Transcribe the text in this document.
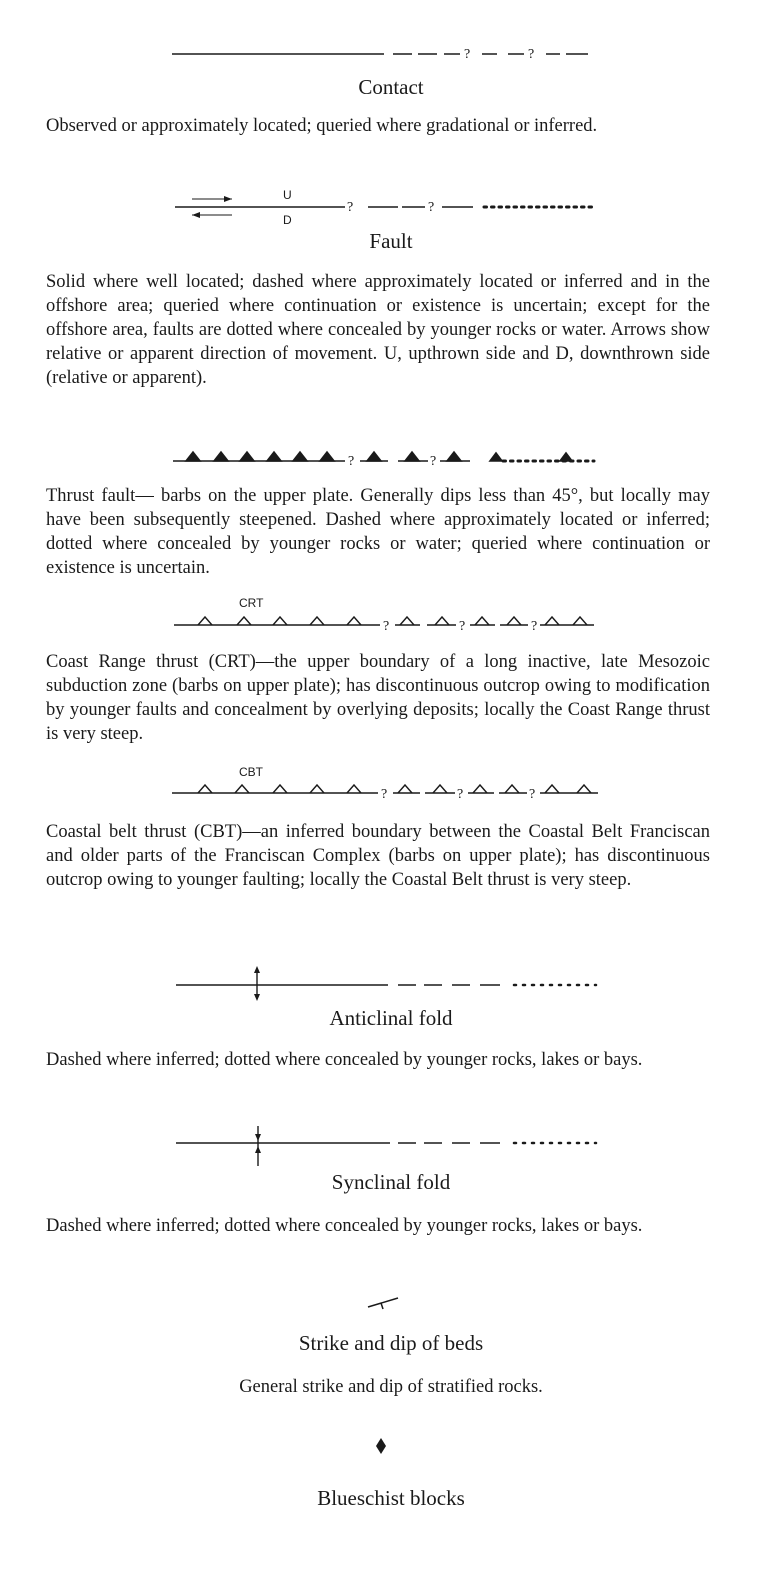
?	?
U
D
?	?
?	?
CRT
?	?	?
CBT
?	?	?
Contact

Observed or approximately located; queried where gradational or inferred.

Fault

Solid where well located; dashed where approximately located or inferred and in the offshore area; queried where continuation or existence is uncertain; except for the offshore area, faults are dotted where concealed by younger rocks or water. Arrows show relative or apparent direction of movement. U, upthrown side and D, downthrown side (relative or apparent).

Thrust fault— barbs on the upper plate. Generally dips less than 45°, but locally may have been subsequently steepened. Dashed where approximately located or inferred; dotted where concealed by younger rocks or water; queried where continuation or existence is uncertain.

Coast Range thrust (CRT)—the upper boundary of a long inactive, late Mesozoic subduction zone (barbs on upper plate); has discontinuous outcrop owing to modification by younger faults and concealment by overlying deposits; locally the Coast Range thrust is very steep.

Coastal belt thrust (CBT)—an inferred boundary between the Coastal Belt Franciscan and older parts of the Franciscan Complex (barbs on upper plate); has discontinuous outcrop owing to younger faulting; locally the Coastal Belt thrust is very steep.

Anticlinal fold

Dashed where inferred; dotted where concealed by younger rocks, lakes or bays.

Synclinal fold

Dashed where inferred; dotted where concealed by younger rocks, lakes or bays.

Strike and dip of beds

General strike and dip of stratified rocks.

Blueschist blocks
